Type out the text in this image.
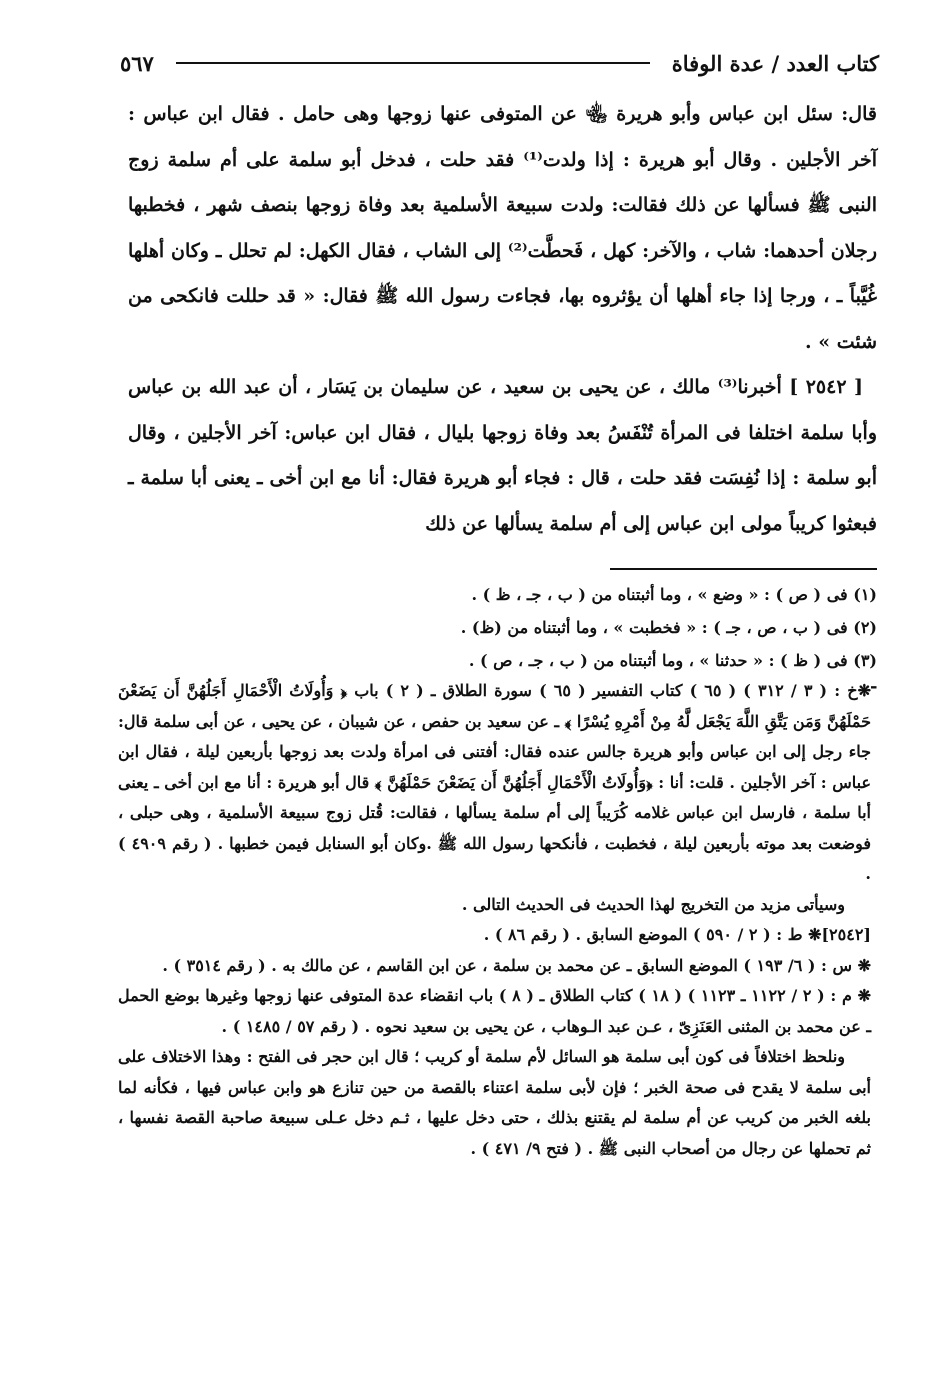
كتاب العدد / عدة الوفاة
٥٦٧

قال: سئل ابن عباس وأبو هريرة ﵄ عن المتوفى عنها زوجها وهى حامل . فقال ابن عباس : آخر الأجلين . وقال أبو هريرة : إذا ولدت⁽¹⁾ فقد حلت ، فدخل أبو سلمة على أم سلمة زوج النبى ﷺ فسألها عن ذلك فقالت: ولدت سبيعة الأسلمية بعد وفاة زوجها بنصف شهر ، فخطبها رجلان أحدهما: شاب ، والآخر: كهل ، فَحطَّت⁽²⁾ إلى الشاب ، فقال الكهل: لم تحلل ـ وكان أهلها غُيَّباً ـ ، ورجا إذا جاء أهلها أن يؤثروه بها، فجاءت رسول الله ﷺ فقال: « قد حللت فانكحى من شئت » .

[ ٢٥٤٢ ] أخبرنا⁽³⁾ مالك ، عن يحيى بن سعيد ، عن سليمان بن يَسَار ، أن عبد الله بن عباس وأبا سلمة اختلفا فى المرأة تُنْفَسُ بعد وفاة زوجها بليال ، فقال ابن عباس: آخر الأجلين ، وقال أبو سلمة : إذا نُفِسَت فقد حلت ، قال : فجاء أبو هريرة فقال: أنا مع ابن أخى ـ يعنى أبا سلمة ـ فبعثوا كريباً مولى ابن عباس إلى أم سلمة يسألها عن ذلك

(١) فى ( ص ) : « وضع » ، وما أثبتناه من ( ب ، جـ ، ظ ) .
(٢) فى ( ب ، ص ، جـ ) : « فخطبت » ، وما أثبتناه من (ظ) .
(٣) فى ( ظ ) : « حدثنا » ، وما أثبتناه من ( ب ، جـ ، ص ) .
-

❋خ : ( ٣ / ٣١٢ ) ( ٦٥ ) كتاب التفسير ( ٦٥ ) سورة الطلاق ـ ( ٢ ) باب ﴿ وَأُولَاتُ الْأَحْمَالِ أَجَلُهُنَّ أَن يَضَعْنَ حَمْلَهُنَّ وَمَن يَتَّقِ اللَّهَ يَجْعَل لَّهُ مِنْ أَمْرِهِ يُسْرًا ﴾ ـ عن سعيد بن حفص ، عن شيبان ، عن يحيى ، عن أبى سلمة قال: جاء رجل إلى ابن عباس وأبو هريرة جالس عنده فقال: أفتنى فى امرأة ولدت بعد زوجها بأربعين ليلة ، فقال ابن عباس : آخر الأجلين . قلت: أنا : ﴿وَأُولَاتُ الْأَحْمَالِ أَجَلُهُنَّ أَن يَضَعْنَ حَمْلَهُنَّ ﴾ قال أبو هريرة : أنا مع ابن أخى ـ يعنى أبا سلمة ، فارسل ابن عباس غلامه كُرَيباً إلى أم سلمة يسألها ، فقالت: قُتل زوج سبيعة الأسلمية ، وهى حبلى ، فوضعت بعد موته بأربعين ليلة ، فخطبت ، فأنكحها رسول الله ﷺ .وكان أبو السنابل فيمن خطبها . ( رقم ٤٩٠٩ ) .

وسيأتى مزيد من التخريج لهذا الحديث فى الحديث التالى .

[٢٥٤٢]❋ ط : ( ٢ / ٥٩٠ ) الموضع السابق . ( رقم ٨٦ ) .

❋ س : ( ٦/ ١٩٣ ) الموضع السابق ـ عن محمد بن سلمة ، عن ابن القاسم ، عن مالك به . ( رقم ٣٥١٤ ) .

❋ م : ( ٢ / ١١٢٢ ـ ١١٢٣ ) ( ١٨ ) كتاب الطلاق ـ ( ٨ ) باب انقضاء عدة المتوفى عنها زوجها وغيرها بوضع الحمل ـ عن محمد بن المثنى العَنَزِىّ ، عـن عبد الـوهاب ، عن يحيى بن سعيد نحوه . ( رقم ٥٧ / ١٤٨٥ ) .

ونلحظ اختلافاً فى كون أبى سلمة هو السائل لأم سلمة أو كريب ؛ قال ابن حجر فى الفتح : وهذا الاختلاف على أبى سلمة لا يقدح فى صحة الخبر ؛ فإن لأبى سلمة اعتناء بالقصة من حين تنازع هو وابن عباس فيها ، فكأنه لما بلغه الخبر من كريب عن أم سلمة لم يقتنع بذلك ، حتى دخل عليها ، ثـم دخل عـلى سبيعة صاحبة القصة نفسها ، ثم تحملها عن رجال من أصحاب النبى ﷺ . ( فتح ٩/ ٤٧١ ) .
